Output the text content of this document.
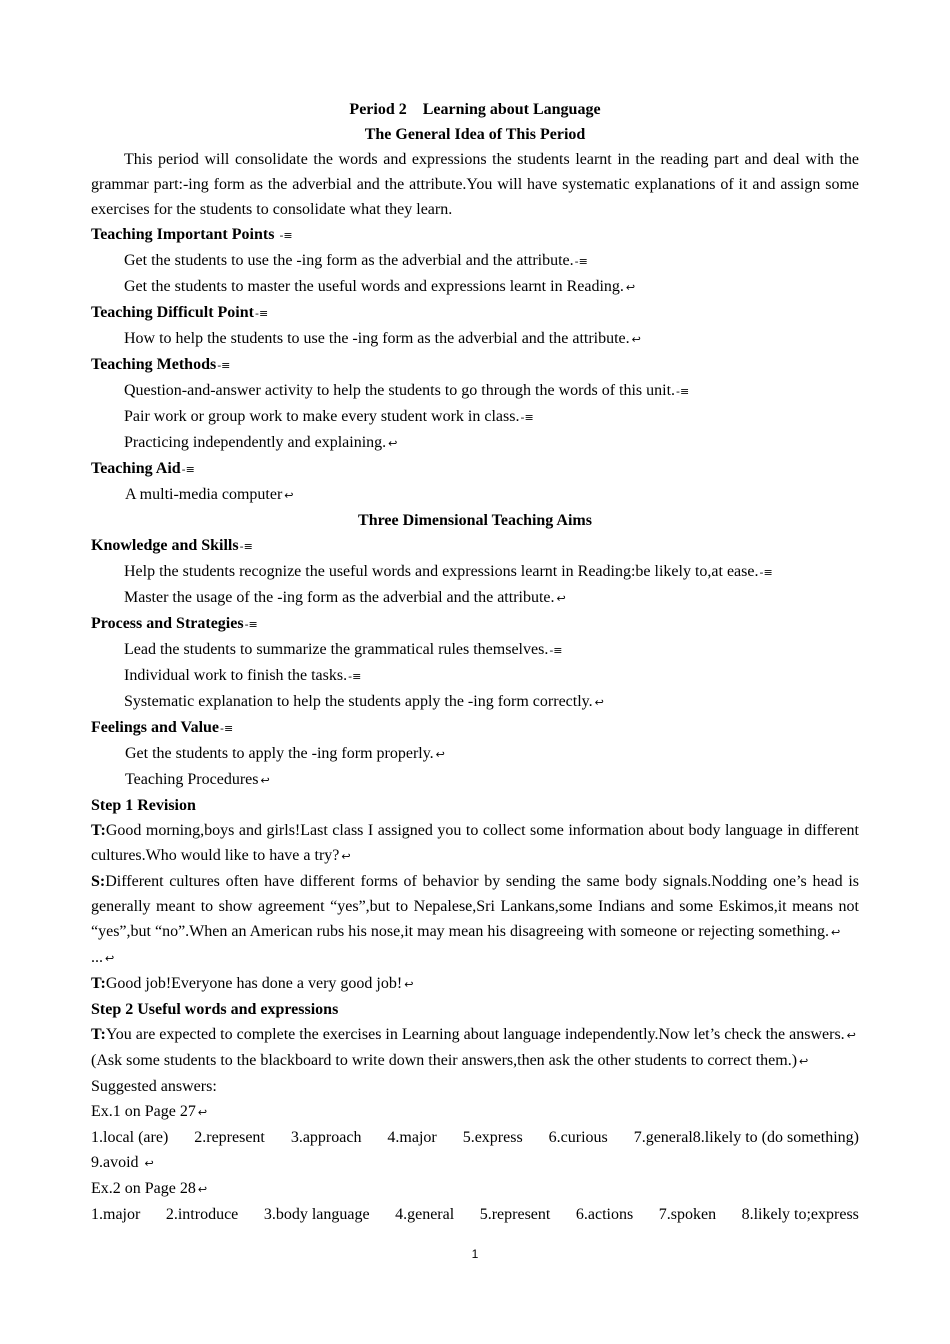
Period 2 Learning about Language
The General Idea of This Period
This period will consolidate the words and expressions the students learnt in the reading part and deal with the grammar part:-ing form as the adverbial and the attribute.You will have systematic explanations of it and assign some exercises for the students to consolidate what they learn.
Teaching Important Points -≡
Get the students to use the -ing form as the adverbial and the attribute.-≡
Get the students to master the useful words and expressions learnt in Reading. ↩
Teaching Difficult Point-≡
How to help the students to use the -ing form as the adverbial and the attribute. ↩
Teaching Methods-≡
Question-and-answer activity to help the students to go through the words of this unit.-≡
Pair work or group work to make every student work in class.-≡
Practicing independently and explaining. ↩
Teaching Aid-≡
A multi-media computer ↩
Three Dimensional Teaching Aims
Knowledge and Skills-≡
Help the students recognize the useful words and expressions learnt in Reading:be likely to,at ease.-≡
Master the usage of the -ing form as the adverbial and the attribute. ↩
Process and Strategies-≡
Lead the students to summarize the grammatical rules themselves.-≡
Individual work to finish the tasks.-≡
Systematic explanation to help the students apply the -ing form correctly. ↩
Feelings and Value-≡
Get the students to apply the -ing form properly. ↩
Teaching Procedures ↩
Step 1 Revision
T:Good morning,boys and girls!Last class I assigned you to collect some information about body language in different cultures.Who would like to have a try? ↩
S:Different cultures often have different forms of behavior by sending the same body signals.Nodding one’s head is generally meant to show agreement “yes”,but to Nepalese,Sri Lankans,some Indians and some Eskimos,it means not “yes”,but “no”.When an American rubs his nose,it may mean his disagreeing with someone or rejecting something. ↩
... ↩
T:Good job!Everyone has done a very good job! ↩
Step 2 Useful words and expressions
T:You are expected to complete the exercises in Learning about language independently.Now let’s check the answers. ↩
(Ask some students to the blackboard to write down their answers,then ask the other students to correct them.) ↩
Suggested answers:
Ex.1 on Page 27 ↩
1.local (are) 2.represent 3.approach 4.major 5.express 6.curious 7.general8.likely to (do something)
9.avoid ↩
Ex.2 on Page 28 ↩
1.major 2.introduce 3.body language 4.general 5.represent 6.actions 7.spoken 8.likely to;express
1
